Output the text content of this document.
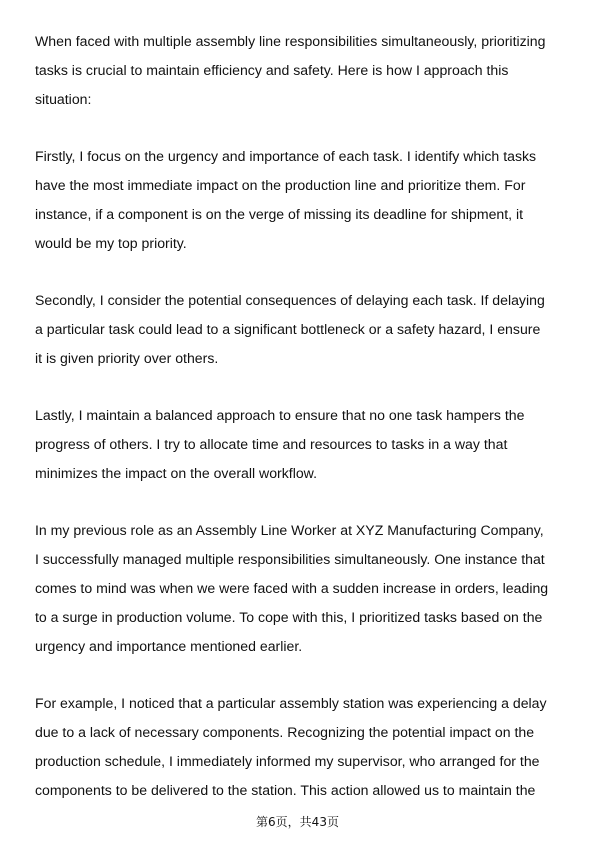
When faced with multiple assembly line responsibilities simultaneously, prioritizing
tasks is crucial to maintain efficiency and safety. Here is how I approach this
situation:

Firstly, I focus on the urgency and importance of each task. I identify which tasks
have the most immediate impact on the production line and prioritize them. For
instance, if a component is on the verge of missing its deadline for shipment, it
would be my top priority.

Secondly, I consider the potential consequences of delaying each task. If delaying
a particular task could lead to a significant bottleneck or a safety hazard, I ensure
it is given priority over others.

Lastly, I maintain a balanced approach to ensure that no one task hampers the
progress of others. I try to allocate time and resources to tasks in a way that
minimizes the impact on the overall workflow.

In my previous role as an Assembly Line Worker at XYZ Manufacturing Company,
I successfully managed multiple responsibilities simultaneously. One instance that
comes to mind was when we were faced with a sudden increase in orders, leading
to a surge in production volume. To cope with this, I prioritized tasks based on the
urgency and importance mentioned earlier.

For example, I noticed that a particular assembly station was experiencing a delay
due to a lack of necessary components. Recognizing the potential impact on the
production schedule, I immediately informed my supervisor, who arranged for the
components to be delivered to the station. This action allowed us to maintain the

第6页，共43页
